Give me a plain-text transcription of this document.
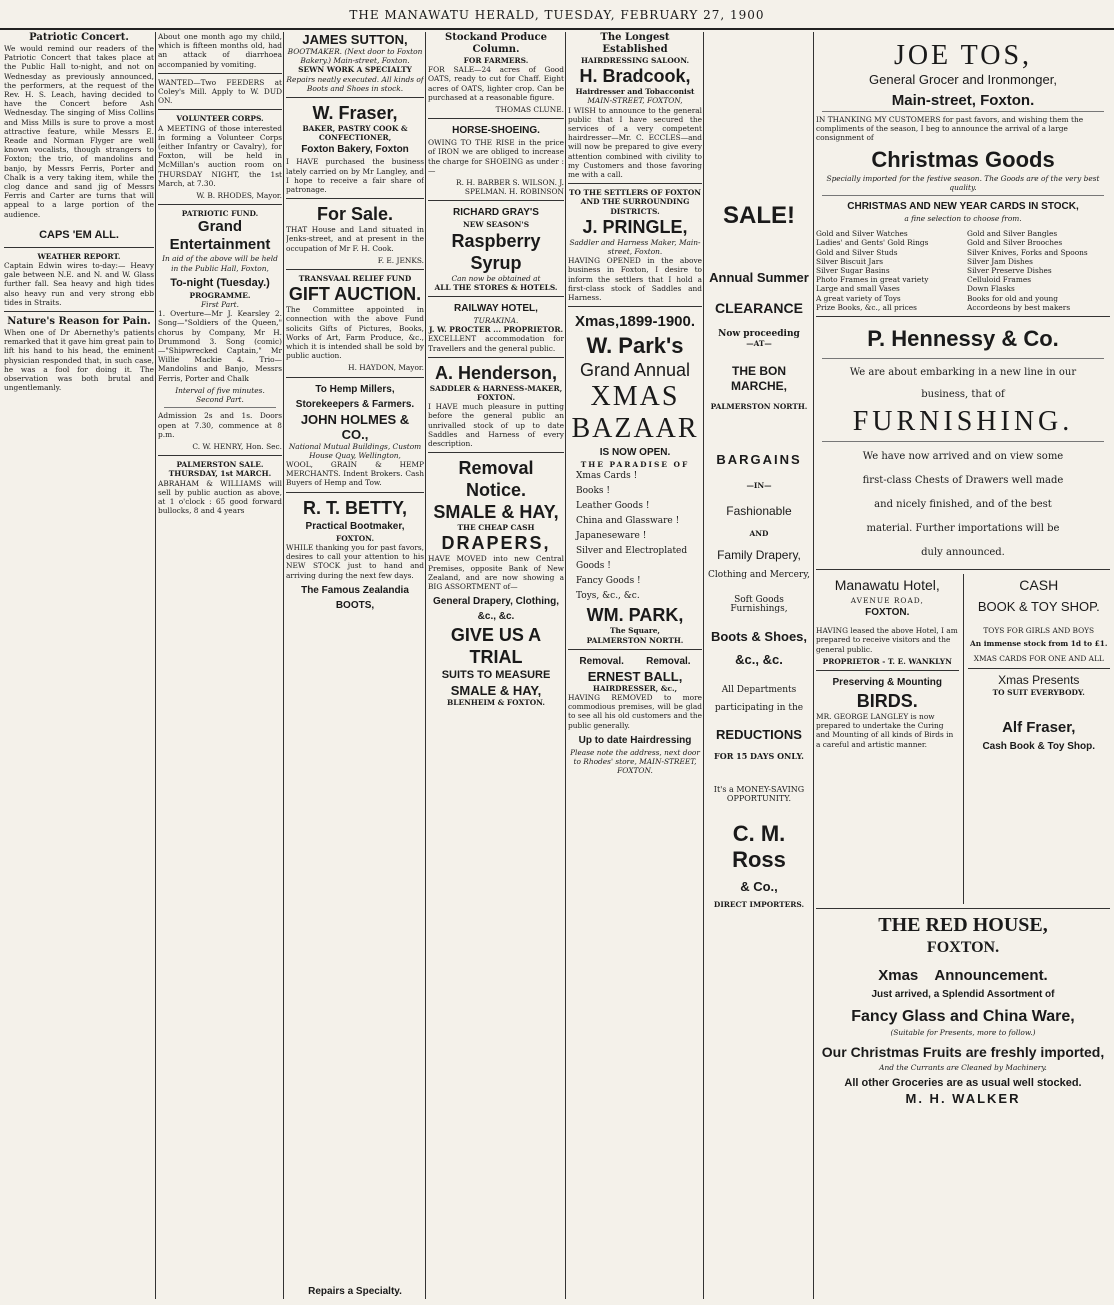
THE MANAWATU HERALD, TUESDAY, FEBRUARY 27, 1900
Patriotic Concert.

We would remind our readers of the Patriotic Concert that takes place at the Public Hall to-night, and not on Wednesday as previously announced, the performers, at the request of the Rev. H. S. Leach, having decided to have the Concert before Ash Wednesday. The singing of Miss Collins and Miss Mills is sure to prove a most attractive feature, while Messrs E. Reade and Norman Flyger are well known vocalists, though strangers to Foxton; the trio, of mandolins and banjo, by Messrs Ferris, Porter and Chalk is a very taking item, while the clog dance and sand jig of Messrs Ferris and Carter are turns that will appeal to a large portion of the audience.

CAPS 'EM ALL.
WEATHER REPORT.

Captain Edwin wires to-day:— Heavy gale between N.E. and N. and W. Glass further fall. Sea heavy and high tides also heavy run and very strong ebb tides in Straits.

Nature's Reason for Pain.

When one of Dr Abernethy's patients remarked that it gave him great pain to lift his hand to his head, the eminent physician responded that, in such case, he was a fool for doing it. The observation was both brutal and ungentlemanly.

About one month ago my child, which is fifteen months old, had an attack of diarrhoea accompanied by vomiting.

WANTED—Two FEEDERS at Coley's Mill. Apply to W. DUD ON.

VOLUNTEER CORPS.

A MEETING of those interested in forming a Volunteer Corps (either Infantry or Cavalry), for Foxton, will be held in McMillan's auction room on THURSDAY NIGHT, the 1st March, at 7.30.

W. B. RHODES, Mayor.
PATRIOTIC FUND.
Grand Entertainment

In aid of the above will be held in the Public Hall, Foxton,

To-night (Tuesday.)
PROGRAMME.
First Part.

1. Overture—Mr J. Kearsley 2. Song—"Soldiers of the Queen," chorus by Company, Mr H. Drummond 3. Song (comic)—"Shipwrecked Captain," Mr Willie Mackie 4. Trio—Mandolins and Banjo, Messrs Ferris, Porter and Chalk

Interval of five minutes.
Second Part.

Admission 2s and 1s. Doors open at 7.30, commence at 8 p.m.

C. W. HENRY, Hon. Sec.
PALMERSTON SALE.
THURSDAY, 1st MARCH.

ABRAHAM & WILLIAMS will sell by public auction as above, at 1 o'clock : 65 good forward bullocks, 8 and 4 years

JAMES SUTTON,
BOOTMAKER. (Next door to Foxton Bakery.) Main-street, Foxton.
SEWN WORK A SPECIALTY
Repairs neatly executed. All kinds of Boots and Shoes in stock.
W. Fraser,
BAKER, PASTRY COOK & CONFECTIONER,
Foxton Bakery, Foxton

I HAVE purchased the business lately carried on by Mr Langley, and I hope to receive a fair share of patronage.

For Sale.

THAT House and Land situated in Jenks-street, and at present in the occupation of Mr F. H. Cook.

F. E. JENKS.
TRANSVAAL RELIEF FUND
GIFT AUCTION.

The Committee appointed in connection with the above Fund solicits Gifts of Pictures, Books, Works of Art, Farm Produce, &c., which it is intended shall be sold by public auction.

H. HAYDON, Mayor.
To Hemp Millers, Storekeepers & Farmers.
JOHN HOLMES & CO.,
National Mutual Buildings, Custom House Quay, Wellington,

WOOL, GRAIN & HEMP MERCHANTS. Indent Brokers. Cash Buyers of Hemp and Tow.

R. T. BETTY,
Practical Bootmaker,
FOXTON.

WHILE thanking you for past favors, desires to call your attention to his NEW STOCK just to hand and arriving during the next few days.

The Famous Zealandia BOOTS,
Repairs a Specialty.
Stockand Produce Column.
FOR FARMERS.

FOR SALE—24 acres of Good OATS, ready to cut for Chaff. Eight acres of OATS, lighter crop. Can be purchased at a reasonable figure.

THOMAS CLUNE.
HORSE-SHOEING.

OWING TO THE RISE in the price of IRON we are obliged to increase the charge for SHOEING as under :—

R. H. BARBER S. WILSON. J. SPELMAN. H. ROBINSON
RICHARD GRAY'S
NEW SEASON'S
Raspberry Syrup
Can now be obtained at
ALL THE STORES & HOTELS.
RAILWAY HOTEL,
TURAKINA.
J. W. PROCTER ... PROPRIETOR.

EXCELLENT accommodation for Travellers and the general public.

A. Henderson,
SADDLER & HARNESS-MAKER, FOXTON.

I HAVE much pleasure in putting before the general public an unrivalled stock of up to date Saddles and Harness of every description.

Removal Notice.
SMALE & HAY,
THE CHEAP CASH
DRAPERS,

HAVE MOVED into new Central Premises, opposite Bank of New Zealand, and are now showing a BIG ASSORTMENT of—

General Drapery, Clothing, &c., &c.
GIVE US A TRIAL
SUITS TO MEASURE
SMALE & HAY,
BLENHEIM & FOXTON.
The Longest Established
HAIRDRESSING SALOON.
H. Bradcook,
Hairdresser and Tobacconist
MAIN-STREET, FOXTON,

I WISH to announce to the general public that I have secured the services of a very competent hairdresser—Mr. C. ECCLES—and will now be prepared to give every attention combined with civility to my Customers and those favoring me with a call.

TO THE SETTLERS OF FOXTON AND THE SURROUNDING DISTRICTS.
J. PRINGLE,
Saddler and Harness Maker, Main-street, Foxton.

HAVING OPENED in the above business in Foxton, I desire to inform the settlers that I hold a first-class stock of Saddles and Harness.

Xmas,1899-1900.
W. Park's
Grand Annual
XMAS
BAZAAR
IS NOW OPEN.
THE PARADISE OF
Xmas Cards !
Books !
Leather Goods !
China and Glassware !
Japaneseware !
Silver and Electroplated Goods !
Fancy Goods !
Toys, &c., &c.
WM. PARK,
The Square,
PALMERSTON NORTH.
Removal.        Removal.
ERNEST BALL,
HAIRDRESSER, &c.,

HAVING REMOVED to more commodious premises, will be glad to see all his old customers and the public generally.

Up to date Hairdressing
Please note the address, next door to Rhodes' store, MAIN-STREET, FOXTON.
SALE!
Annual Summer
CLEARANCE
Now proceeding
—AT—
THE BON MARCHE,
PALMERSTON NORTH.
BARGAINS
—IN—
Fashionable
AND
Family Drapery,
Clothing and Mercery,
Soft Goods Furnishings,
Boots & Shoes,
&c., &c.
All Departments participating in the
REDUCTIONS
FOR 15 DAYS ONLY.
It's a MONEY-SAVING OPPORTUNITY.
C. M. Ross
& Co.,
DIRECT IMPORTERS.
JOE TOS,
General Grocer and Ironmonger,
Main-street, Foxton.

IN THANKING MY CUSTOMERS for past favors, and wishing them the compliments of the season, I beg to announce the arrival of a large consignment of

Christmas Goods
Specially imported for the festive season. The Goods are of the very best quality.
CHRISTMAS AND NEW YEAR CARDS IN STOCK,
a fine selection to choose from.
Gold and Silver Watches
Ladies' and Gents' Gold Rings
Gold and Silver Studs
Silver Biscuit Jars
Silver Sugar Basins
Photo Frames in great variety
Large and small Vases
A great variety of Toys
Prize Books, &c., all prices
Gold and Silver Bangles
Gold and Silver Brooches
Silver Knives, Forks and Spoons
Silver Jam Dishes
Silver Preserve Dishes
Celluloid Frames
Down Flasks
Books for old and young
Accordeons by best makers
P. Hennessy & Co.
We are about embarking in a new line in our business, that of
FURNISHING.
We have now arrived and on view some first-class Chests of Drawers well made and nicely finished, and of the best material. Further importations will be duly announced.
Manawatu Hotel,
AVENUE ROAD,
FOXTON.

HAVING leased the above Hotel, I am prepared to receive visitors and the general public.

PROPRIETOR - T. E. WANKLYN
Preserving & Mounting
BIRDS.

MR. GEORGE LANGLEY is now prepared to undertake the Curing and Mounting of all kinds of Birds in a careful and artistic manner.

CASH
BOOK & TOY SHOP.
TOYS FOR GIRLS AND BOYS
An immense stock from 1d to £1.
XMAS CARDS FOR ONE AND ALL
Xmas Presents
TO SUIT EVERYBODY.
Alf Fraser,
Cash Book & Toy Shop.
THE RED HOUSE,
FOXTON.
Xmas    Announcement.
Just arrived, a Splendid Assortment of
Fancy Glass and China Ware,
(Suitable for Presents, more to follow.)
Our Christmas Fruits are freshly imported,
And the Currants are Cleaned by Machinery.
All other Groceries are as usual well stocked.
M. H. WALKER
